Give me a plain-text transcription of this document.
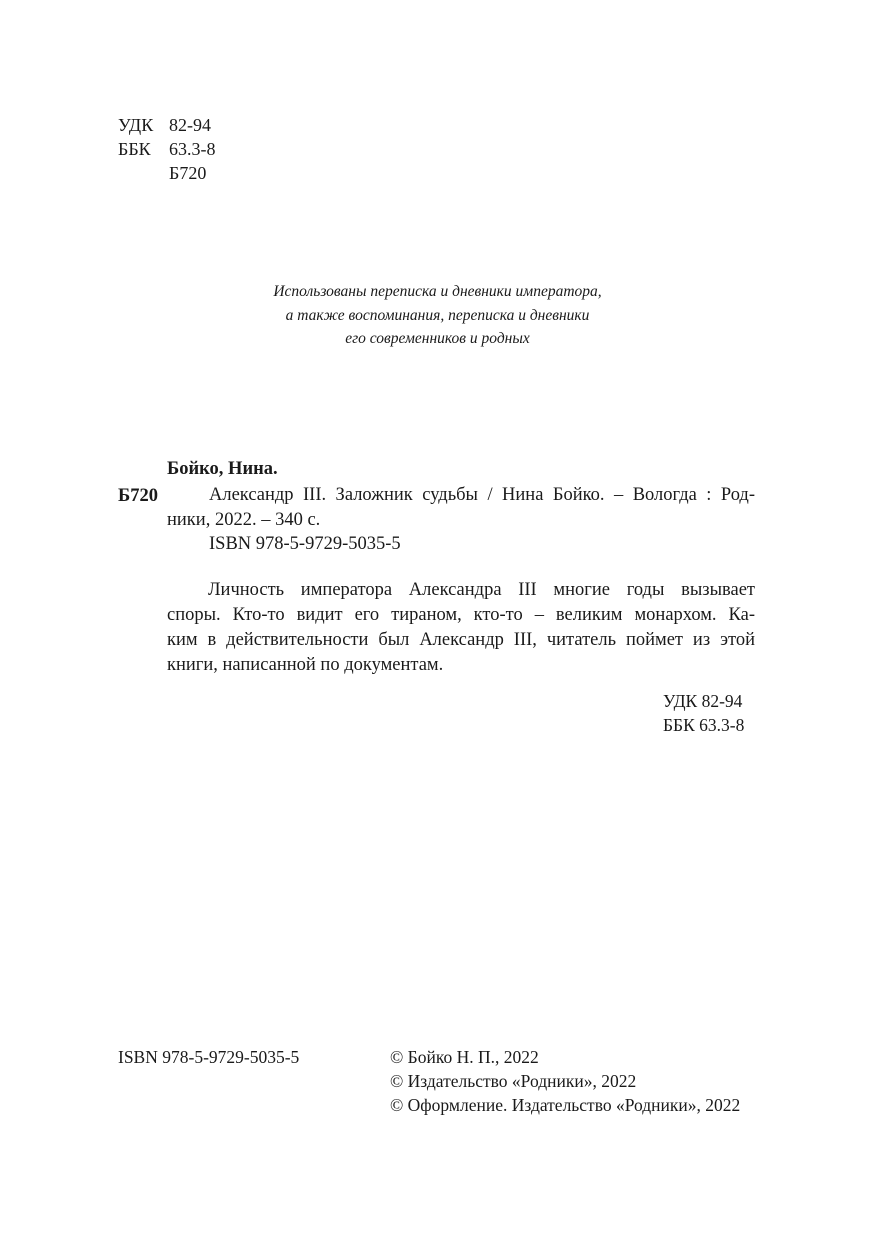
УДК 82-94
ББК 63.3-8
Б720
Использованы переписка и дневники императора,
а также воспоминания, переписка и дневники
его современников и родных
Бойко, Нина.
Б720	Александр III. Заложник судьбы / Нина Бойко. – Вологда : Род-
ники, 2022. – 340 с.
ISBN 978-5-9729-5035-5
Личность императора Александра III многие годы вызывает
споры. Кто-то видит его тираном, кто-то – великим монархом. Ка-
ким в действительности был Александр III, читатель поймет из этой
книги, написанной по документам.
УДК 82-94
ББК 63.3-8
ISBN 978-5-9729-5035-5	© Бойко Н. П., 2022
© Издательство «Родники», 2022
© Оформление. Издательство «Родники», 2022
